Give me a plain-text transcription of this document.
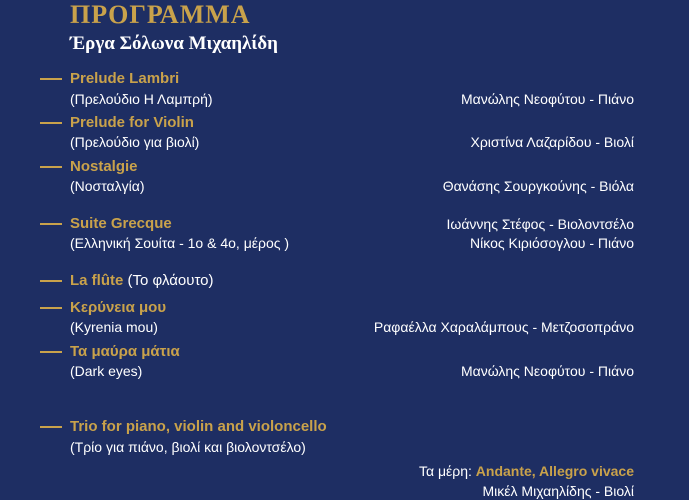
ΠΡΟΓΡΑΜΜΑ
Έργα Σόλωνα Μιχαηλίδη
Prelude Lambri
(Πρελούδιο Η Λαμπρή)	Μανώλης Νεοφύτου - Πιάνο
Prelude for Violin
(Πρελούδιο για βιολί)	Χριστίνα Λαζαρίδου - Βιολί
Nostalgie
(Νοσταλγία)	Θανάσης Σουργκούνης - Βιόλα
Suite Grecque	Ιωάννης Στέφος - Βιολοντσέλο
(Ελληνική Σουίτα - 1ο & 4ο, μέρος )	Νίκος Κιριόσογλου - Πιάνο
La flûte (Το φλάουτο)
Κερύνεια μου
(Kyrenia mou)	Ραφαέλλα Χαραλάμπους - Μετζοσοπράνο
Τα μαύρα μάτια
(Dark eyes)	Μανώλης Νεοφύτου - Πιάνο
Trio for piano, violin and violoncello
(Τρίο για πιάνο, βιολί και βιολοντσέλο)
Τα μέρη: Andante, Allegro vivace
Μικέλ Μιχαηλίδης - Βιολί
